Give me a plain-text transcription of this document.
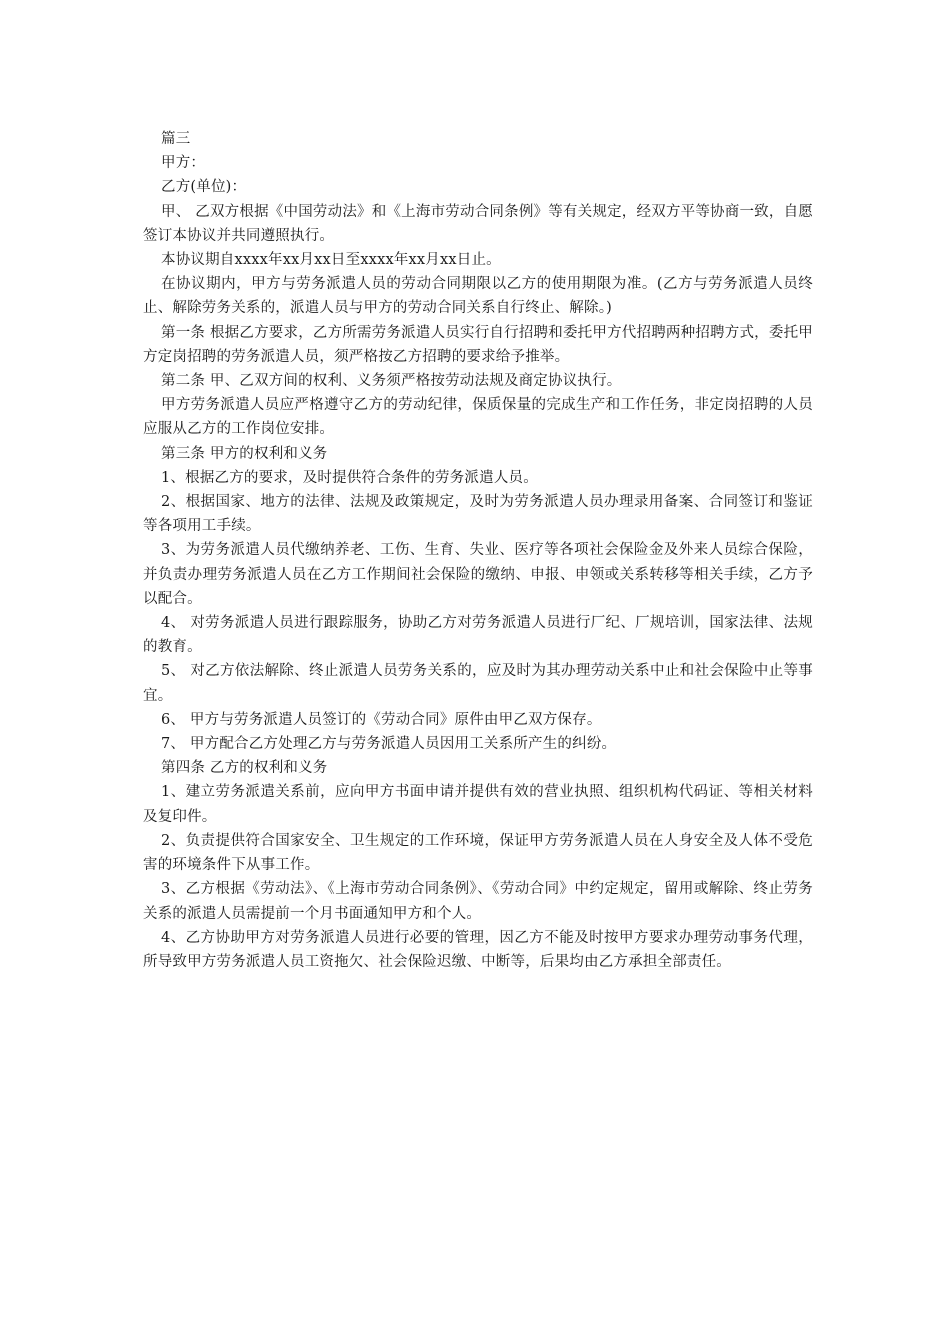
篇三

甲方：

乙方(单位)：

甲、 乙双方根据《中国劳动法》和《上海市劳动合同条例》等有关规定，经双方平等协商一致，自愿签订本协议并共同遵照执行。

本协议期自xxxx年xx月xx日至xxxx年xx月xx日止。

在协议期内，甲方与劳务派遣人员的劳动合同期限以乙方的使用期限为准。(乙方与劳务派遣人员终止、解除劳务关系的，派遣人员与甲方的劳动合同关系自行终止、解除。)

第一条 根据乙方要求，乙方所需劳务派遣人员实行自行招聘和委托甲方代招聘两种招聘方式，委托甲方定岗招聘的劳务派遣人员，须严格按乙方招聘的要求给予推举。

第二条 甲、乙双方间的权利、义务须严格按劳动法规及商定协议执行。

甲方劳务派遣人员应严格遵守乙方的劳动纪律，保质保量的完成生产和工作任务，非定岗招聘的人员应服从乙方的工作岗位安排。

第三条 甲方的权利和义务

1、根据乙方的要求，及时提供符合条件的劳务派遣人员。

2、根据国家、地方的法律、法规及政策规定，及时为劳务派遣人员办理录用备案、合同签订和鉴证等各项用工手续。

3、为劳务派遣人员代缴纳养老、工伤、生育、失业、医疗等各项社会保险金及外来人员综合保险，并负责办理劳务派遣人员在乙方工作期间社会保险的缴纳、申报、申领或关系转移等相关手续，乙方予以配合。

4、 对劳务派遣人员进行跟踪服务，协助乙方对劳务派遣人员进行厂纪、厂规培训，国家法律、法规的教育。

5、 对乙方依法解除、终止派遣人员劳务关系的，应及时为其办理劳动关系中止和社会保险中止等事宜。

6、 甲方与劳务派遣人员签订的《劳动合同》原件由甲乙双方保存。

7、 甲方配合乙方处理乙方与劳务派遣人员因用工关系所产生的纠纷。

第四条 乙方的权利和义务

1、建立劳务派遣关系前，应向甲方书面申请并提供有效的营业执照、组织机构代码证、等相关材料及复印件。

2、负责提供符合国家安全、卫生规定的工作环境，保证甲方劳务派遣人员在人身安全及人体不受危害的环境条件下从事工作。

3、乙方根据《劳动法》、《上海市劳动合同条例》、《劳动合同》中约定规定，留用或解除、终止劳务关系的派遣人员需提前一个月书面通知甲方和个人。

4、乙方协助甲方对劳务派遣人员进行必要的管理，因乙方不能及时按甲方要求办理劳动事务代理，所导致甲方劳务派遣人员工资拖欠、社会保险迟缴、中断等，后果均由乙方承担全部责任。
